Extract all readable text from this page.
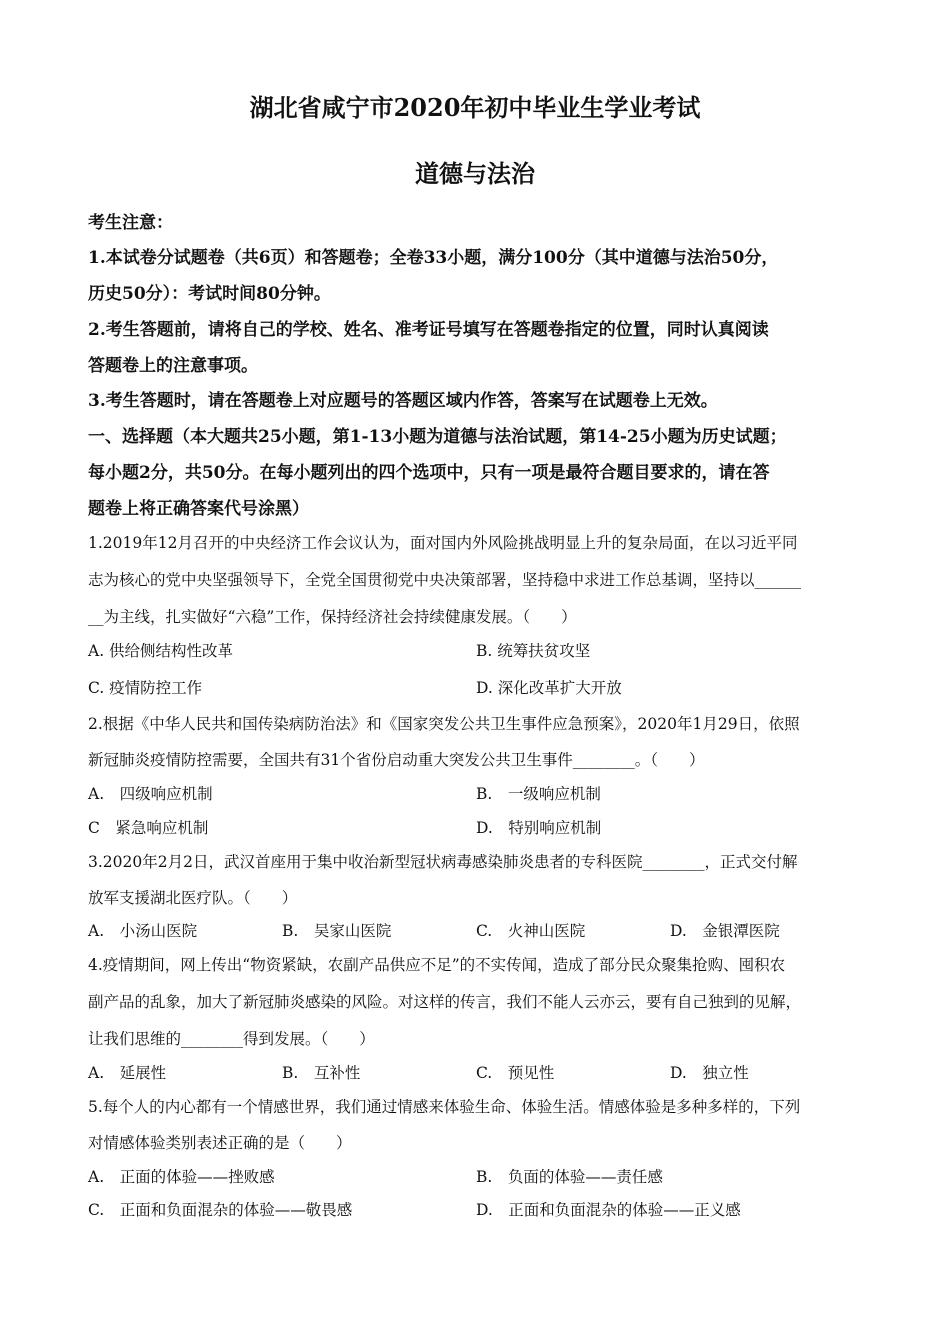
湖北省咸宁市2020年初中毕业生学业考试
道德与法治
考生注意：
1.本试卷分试题卷（共6页）和答题卷；全卷33小题，满分100分（其中道德与法治50分，
历史50分）：考试时间80分钟。
2.考生答题前，请将自己的学校、姓名、准考证号填写在答题卷指定的位置，同时认真阅读
答题卷上的注意事项。
3.考生答题时，请在答题卷上对应题号的答题区域内作答，答案写在试题卷上无效。
一、选择题（本大题共25小题，第1-13小题为道德与法治试题，第14-25小题为历史试题；
每小题2分，共50分。在每小题列出的四个选项中，只有一项是最符合题目要求的，请在答
题卷上将正确答案代号涂黑）
1.2019年12月召开的中央经济工作会议认为，面对国内外风险挑战明显上升的复杂局面，在以习近平同
志为核心的党中央坚强领导下，全党全国贯彻党中央决策部署，坚持稳中求进工作总基调，坚持以______
__为主线，扎实做好“六稳”工作，保持经济社会持续健康发展。（　　）
A. 供给侧结构性改革	B. 统筹扶贫攻坚
C. 疫情防控工作	D. 深化改革扩大开放
2.根据《中华人民共和国传染病防治法》和《国家突发公共卫生事件应急预案》，2020年1月29日，依照
新冠肺炎疫情防控需要，全国共有31个省份启动重大突发公共卫生事件________。（　　）
A.　四级响应机制	B.　一级响应机制
C　紧急响应机制	D.　特别响应机制
3.2020年2月2日，武汉首座用于集中收治新型冠状病毒感染肺炎患者的专科医院________，正式交付解
放军支援湖北医疗队。（　　）
A.　小汤山医院	B.　吴家山医院	C.　火神山医院	D.　金银潭医院
4.疫情期间，网上传出“物资紧缺，农副产品供应不足”的不实传闻，造成了部分民众聚集抢购、囤积农
副产品的乱象，加大了新冠肺炎感染的风险。对这样的传言，我们不能人云亦云，要有自己独到的见解，
让我们思维的________得到发展。（　　）
A.　延展性	B.　互补性	C.　预见性	D.　独立性
5.每个人的内心都有一个情感世界，我们通过情感来体验生命、体验生活。情感体验是多种多样的，下列
对情感体验类别表述正确的是（　　）
A.　正面的体验——挫败感	B.　负面的体验——责任感
C.　正面和负面混杂的体验——敬畏感	D.　正面和负面混杂的体验——正义感
